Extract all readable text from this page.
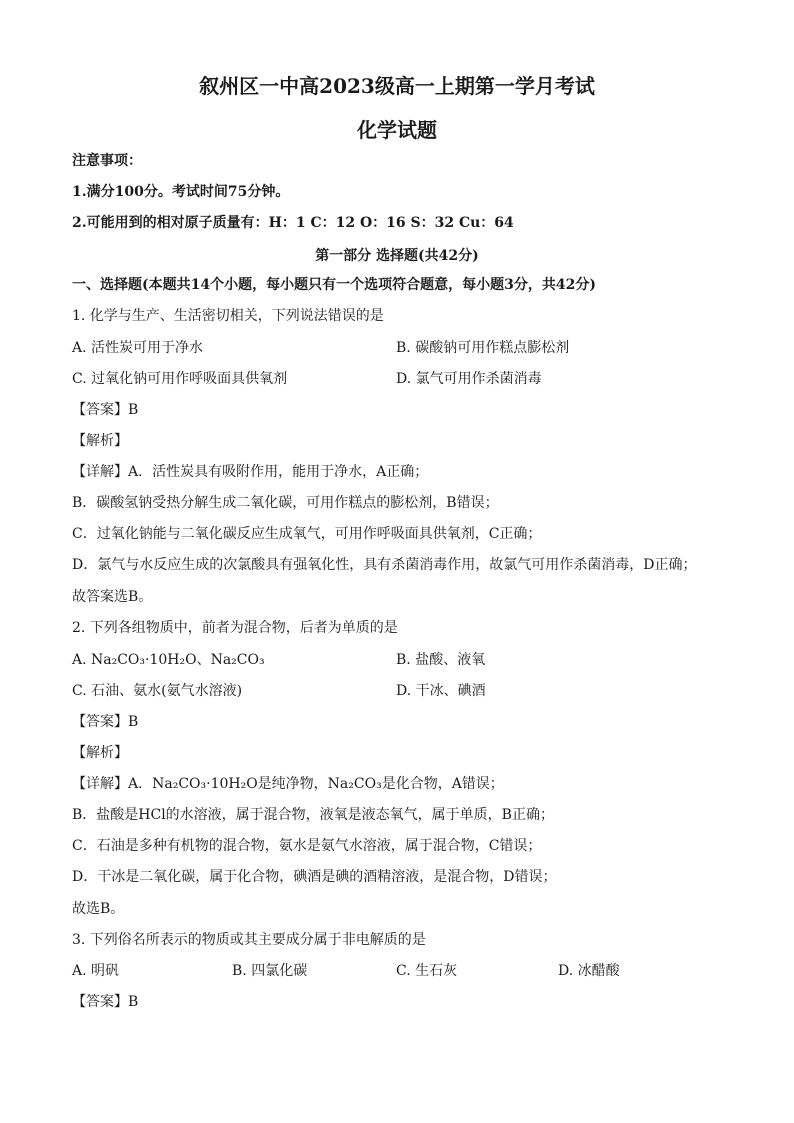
叙州区一中高2023级高一上期第一学月考试
化学试题
注意事项：
1.满分100分。考试时间75分钟。
2.可能用到的相对原子质量有：H：1 C：12 O：16 S：32 Cu：64
第一部分 选择题(共42分)
一、选择题(本题共14个小题，每小题只有一个选项符合题意，每小题3分，共42分)
1. 化学与生产、生活密切相关，下列说法错误的是
A. 活性炭可用于净水	B. 碳酸钠可用作糕点膨松剂
C. 过氧化钠可用作呼吸面具供氧剂	D. 氯气可用作杀菌消毒
【答案】B
【解析】
【详解】A．活性炭具有吸附作用，能用于净水，A正确；
B．碳酸氢钠受热分解生成二氧化碳，可用作糕点的膨松剂，B错误；
C．过氧化钠能与二氧化碳反应生成氧气，可用作呼吸面具供氧剂，C正确；
D．氯气与水反应生成的次氯酸具有强氧化性，具有杀菌消毒作用，故氯气可用作杀菌消毒，D正确；
故答案选B。
2. 下列各组物质中，前者为混合物，后者为单质的是
A. Na₂CO₃·10H₂O、Na₂CO₃	B. 盐酸、液氧
C. 石油、氨水(氨气水溶液)	D. 干冰、碘酒
【答案】B
【解析】
【详解】A．Na₂CO₃·10H₂O是纯净物，Na₂CO₃是化合物，A错误；
B．盐酸是HCl的水溶液，属于混合物，液氧是液态氧气，属于单质，B正确；
C．石油是多种有机物的混合物，氨水是氨气水溶液，属于混合物，C错误；
D．干冰是二氧化碳，属于化合物，碘酒是碘的酒精溶液，是混合物，D错误；
故选B。
3. 下列俗名所表示的物质或其主要成分属于非电解质的是
A. 明矾	B. 四氯化碳	C. 生石灰	D. 冰醋酸
【答案】B
